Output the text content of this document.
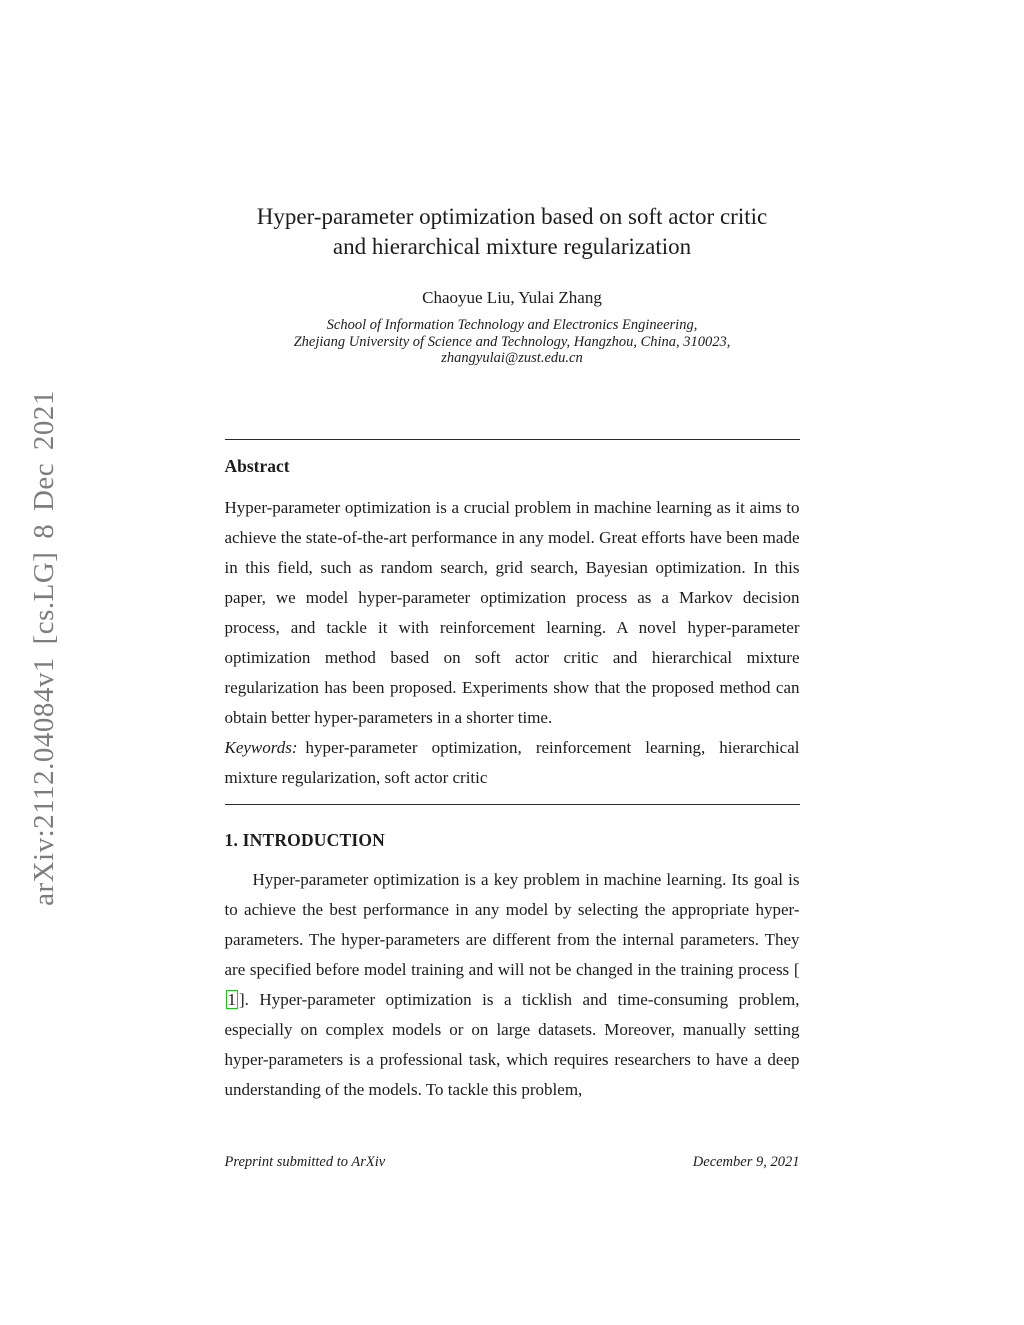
arXiv:2112.04084v1 [cs.LG] 8 Dec 2021
Hyper-parameter optimization based on soft actor critic
and hierarchical mixture regularization
Chaoyue Liu, Yulai Zhang
School of Information Technology and Electronics Engineering,
Zhejiang University of Science and Technology, Hangzhou, China, 310023,
zhangyulai@zust.edu.cn
Abstract

Hyper-parameter optimization is a crucial problem in machine learning as it aims to achieve the state-of-the-art performance in any model. Great efforts have been made in this field, such as random search, grid search, Bayesian optimization. In this paper, we model hyper-parameter optimization process as a Markov decision process, and tackle it with reinforcement learning. A novel hyper-parameter optimization method based on soft actor critic and hierarchical mixture regularization has been proposed. Experiments show that the proposed method can obtain better hyper-parameters in a shorter time.

Keywords: hyper-parameter optimization, reinforcement learning, hierarchical mixture regularization, soft actor critic

1. INTRODUCTION

Hyper-parameter optimization is a key problem in machine learning. Its goal is to achieve the best performance in any model by selecting the appropriate hyper-parameters. The hyper-parameters are different from the internal parameters. They are specified before model training and will not be changed in the training process [1 ]. Hyper-parameter optimization is a ticklish and time-consuming problem, especially on complex models or on large datasets. Moreover, manually setting hyper-parameters is a professional task, which requires researchers to have a deep understanding of the models. To tackle this problem,

Preprint submitted to ArXiv	December 9, 2021
